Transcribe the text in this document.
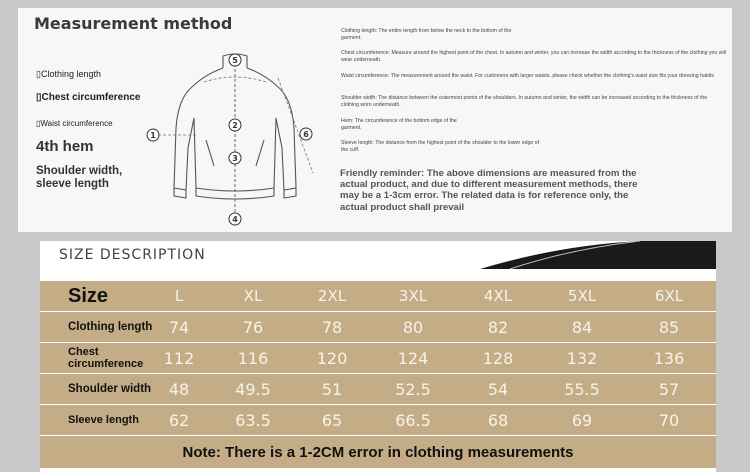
Measurement method
▯Clothing length
▯Chest circumference
▯Waist circumference
4th hem
Shoulder width, sleeve length
5
2
3
4
1	6
Clothing length: The entire length from below the neck to the bottom of the garment.
Chest circumference: Measure around the highest point of the chest. In autumn and winter, you can increase the width according to the thickness of the clothing you will wear underneath.
Waist circumference: The measurement around the waist. For customers with larger waists, please check whether the clothing's waist size fits your dressing habits
Shoulder width: The distance between the outermost points of the shoulders. In autumn and winter, the width can be increased according to the thickness of the clothing worn underneath.
Hem: The circumference of the bottom edge of the garment.
Sleeve length: The distance from the highest point of the shoulder to the lower edge of the cuff.
Friendly reminder: The above dimensions are measured from the actual product, and due to different measurement methods, there may be a 1-3cm error. The related data is for reference only, the actual product shall prevail
SIZE DESCRIPTION
Size	L	XL	2XL	3XL	4XL	5XL	6XL
Clothing length	74	76	78	80	82	84	85
Chest circumference	112	116	120	124	128	132	136
Shoulder width	48	49.5	51	52.5	54	55.5	57
Sleeve length	62	63.5	65	66.5	68	69	70
Note: There is a 1-2CM error in clothing measurements
